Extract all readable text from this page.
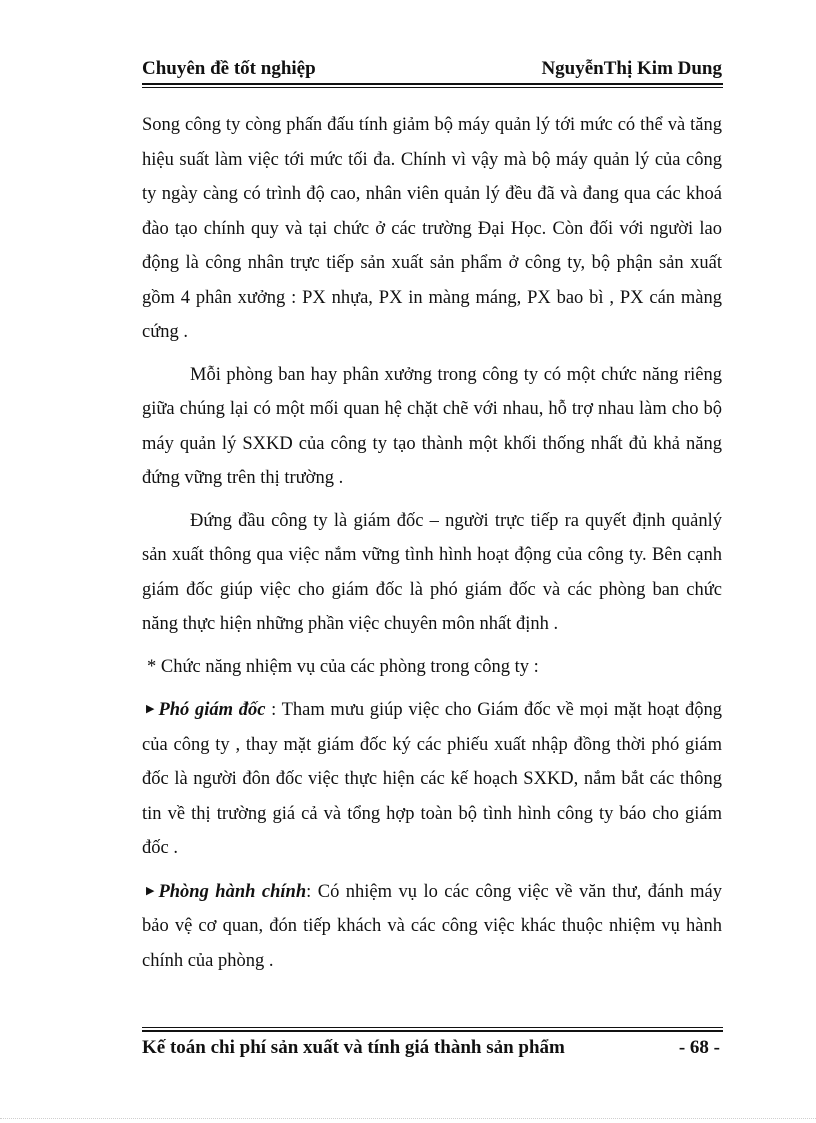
Chuyên đề tốt nghiệp	NguyễnThị Kim Dung

Song công ty còng phấn đấu tính giảm bộ máy quản lý tới mức có thể và tăng hiệu suất làm việc tới mức tối đa. Chính vì vậy mà bộ máy quản lý của công ty ngày càng có trình độ cao, nhân viên quản lý đều đã và đang qua các khoá đào tạo chính quy và tại chức ở các trường Đại Học. Còn đối với người lao động là công nhân trực tiếp sản xuất sản phẩm ở công ty, bộ phận sản xuất gồm 4 phân xưởng : PX nhựa, PX in màng máng, PX bao bì , PX cán màng cứng .

Mỗi phòng ban hay phân xưởng trong công ty có một chức năng riêng giữa chúng lại có một mối quan hệ chặt chẽ với nhau, hỗ trợ nhau làm cho bộ máy quản lý SXKD của công ty tạo thành một khối thống nhất đủ khả năng đứng vững trên thị trường .

Đứng đầu công ty là giám đốc – người trực tiếp ra quyết định quảnlý sản xuất thông qua việc nắm vững tình hình hoạt động của công ty. Bên cạnh giám đốc giúp việc cho giám đốc là phó giám đốc và các phòng ban chức năng thực hiện những phần việc chuyên môn nhất định .

* Chức năng nhiệm vụ của các phòng trong công ty :

▶ Phó giám đốc : Tham mưu giúp việc cho Giám đốc về mọi mặt hoạt động của công ty , thay mặt giám đốc ký các phiếu xuất nhập đồng thời phó giám đốc là người đôn đốc việc thực hiện các kế hoạch SXKD, nắm bắt các thông tin về thị trường giá cả và tổng hợp toàn bộ tình hình công ty báo cho giám đốc .

▶ Phòng hành chính: Có nhiệm vụ lo các công việc về văn thư, đánh máy bảo vệ cơ quan, đón tiếp khách và các công việc khác thuộc nhiệm vụ hành chính của phòng .

Kế toán chi phí sản xuất và tính giá thành sản phẩm	- 68 -
